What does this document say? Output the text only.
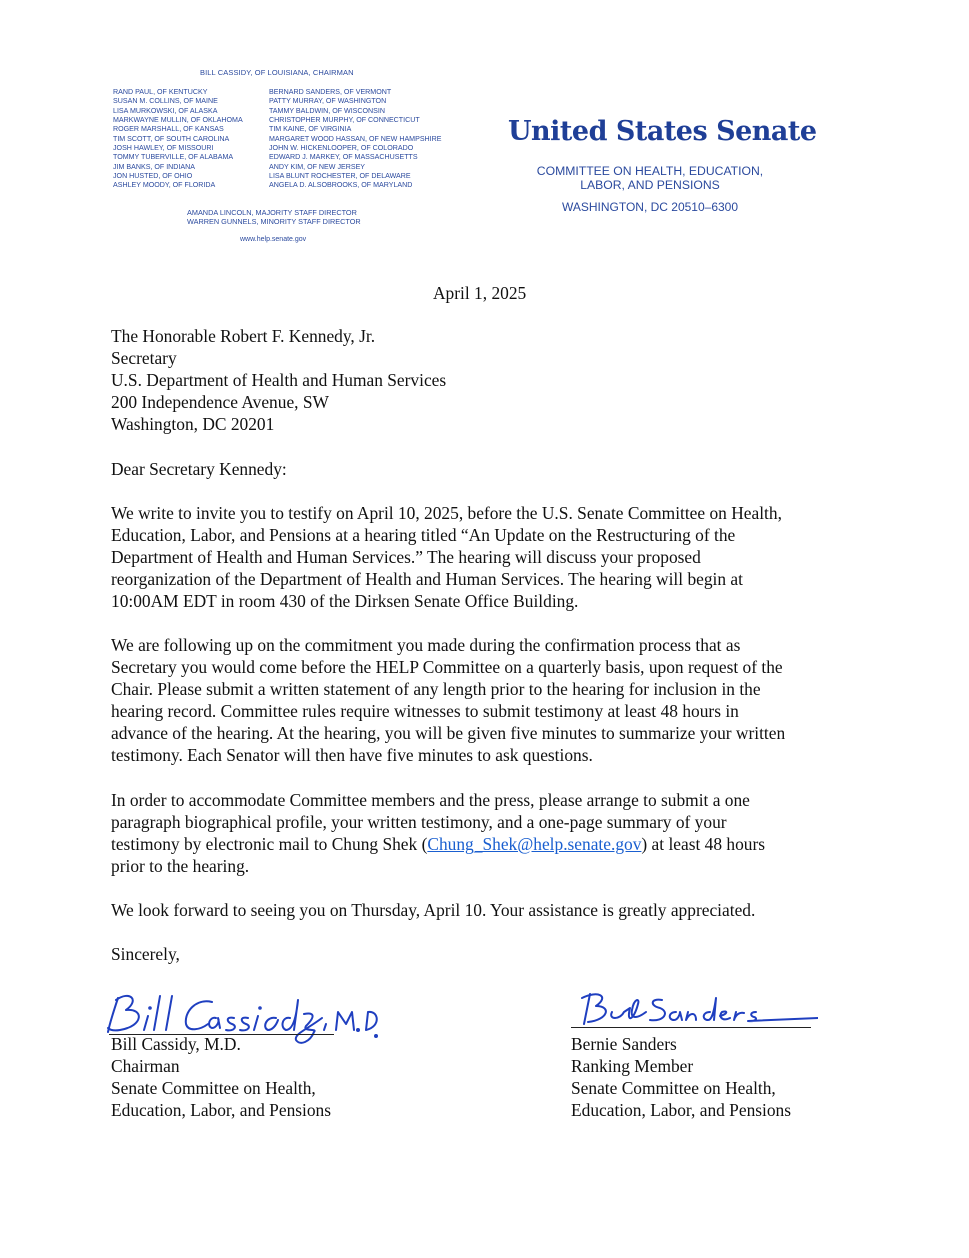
BILL CASSIDY, OF LOUISIANA, CHAIRMAN
RAND PAUL, OF KENTUCKY
SUSAN M. COLLINS, OF MAINE
LISA MURKOWSKI, OF ALASKA
MARKWAYNE MULLIN, OF OKLAHOMA
ROGER MARSHALL, OF KANSAS
TIM SCOTT, OF SOUTH CAROLINA
JOSH HAWLEY, OF MISSOURI
TOMMY TUBERVILLE, OF ALABAMA
JIM BANKS, OF INDIANA
JON HUSTED, OF OHIO
ASHLEY MOODY, OF FLORIDA
BERNARD SANDERS, OF VERMONT
PATTY MURRAY, OF WASHINGTON
TAMMY BALDWIN, OF WISCONSIN
CHRISTOPHER MURPHY, OF CONNECTICUT
TIM KAINE, OF VIRGINIA
MARGARET WOOD HASSAN, OF NEW HAMPSHIRE
JOHN W. HICKENLOOPER, OF COLORADO
EDWARD J. MARKEY, OF MASSACHUSETTS
ANDY KIM, OF NEW JERSEY
LISA BLUNT ROCHESTER, OF DELAWARE
ANGELA D. ALSOBROOKS, OF MARYLAND
AMANDA LINCOLN, MAJORITY STAFF DIRECTOR
WARREN GUNNELS, MINORITY STAFF DIRECTOR
www.help.senate.gov
United States Senate
COMMITTEE ON HEALTH, EDUCATION,
LABOR, AND PENSIONS
WASHINGTON, DC 20510–6300
April 1, 2025
The Honorable Robert F. Kennedy, Jr.
Secretary
U.S. Department of Health and Human Services
200 Independence Avenue, SW
Washington, DC 20201
Dear Secretary Kennedy:
We write to invite you to testify on April 10, 2025, before the U.S. Senate Committee on Health,
Education, Labor, and Pensions at a hearing titled “An Update on the Restructuring of the
Department of Health and Human Services.” The hearing will discuss your proposed
reorganization of the Department of Health and Human Services. The hearing will begin at
10:00AM EDT in room 430 of the Dirksen Senate Office Building.
We are following up on the commitment you made during the confirmation process that as
Secretary you would come before the HELP Committee on a quarterly basis, upon request of the
Chair. Please submit a written statement of any length prior to the hearing for inclusion in the
hearing record. Committee rules require witnesses to submit testimony at least 48 hours in
advance of the hearing. At the hearing, you will be given five minutes to summarize your written
testimony. Each Senator will then have five minutes to ask questions.
In order to accommodate Committee members and the press, please arrange to submit a one
paragraph biographical profile, your written testimony, and a one-page summary of your
testimony by electronic mail to Chung Shek (Chung_Shek@help.senate.gov) at least 48 hours
prior to the hearing.
We look forward to seeing you on Thursday, April 10. Your assistance is greatly appreciated.
Sincerely,
Bill Cassidy, M.D.
Chairman
Senate Committee on Health,
Education, Labor, and Pensions
Bernie Sanders
Ranking Member
Senate Committee on Health,
Education, Labor, and Pensions
